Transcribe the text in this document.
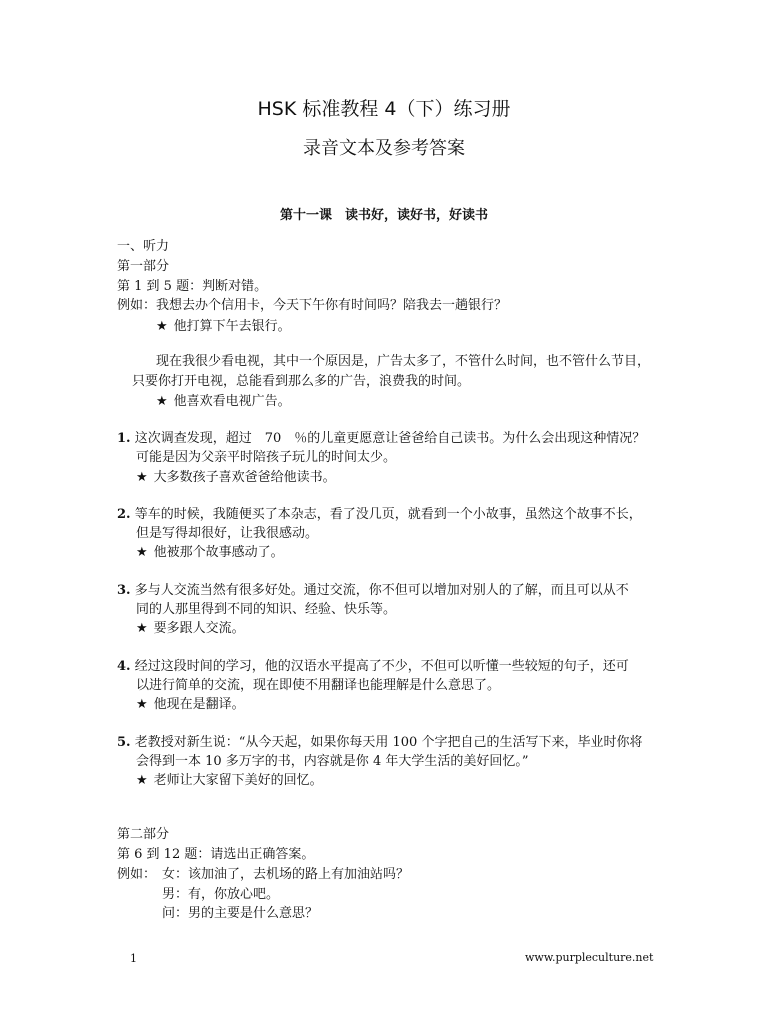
HSK 标准教程 4（下）练习册
录音文本及参考答案
第十一课　读书好，读好书，好读书
一、听力
第一部分
第 1 到 5 题：判断对错。
例如：我想去办个信用卡，今天下午你有时间吗？陪我去一趟银行？
★ 他打算下午去银行。
现在我很少看电视，其中一个原因是，广告太多了，不管什么时间，也不管什么节目，
只要你打开电视，总能看到那么多的广告，浪费我的时间。
★ 他喜欢看电视广告。
1. 这次调查发现，超过　70　％的儿童更愿意让爸爸给自己读书。为什么会出现这种情况？
可能是因为父亲平时陪孩子玩儿的时间太少。
★ 大多数孩子喜欢爸爸给他读书。
2. 等车的时候，我随便买了本杂志，看了没几页，就看到一个小故事，虽然这个故事不长，
但是写得却很好，让我很感动。
★ 他被那个故事感动了。
3. 多与人交流当然有很多好处。通过交流，你不但可以增加对别人的了解，而且可以从不
同的人那里得到不同的知识、经验、快乐等。
★ 要多跟人交流。
4. 经过这段时间的学习，他的汉语水平提高了不少，不但可以听懂一些较短的句子，还可
以进行简单的交流，现在即使不用翻译也能理解是什么意思了。
★ 他现在是翻译。
5. 老教授对新生说：“从今天起，如果你每天用 100 个字把自己的生活写下来，毕业时你将
会得到一本 10 多万字的书，内容就是你 4 年大学生活的美好回忆。”
★ 老师让大家留下美好的回忆。
第二部分
第 6 到 12 题：请选出正确答案。
例如： 女：该加油了，去机场的路上有加油站吗？
男：有，你放心吧。
问：男的主要是什么意思？
1	www.purpleculture.net
